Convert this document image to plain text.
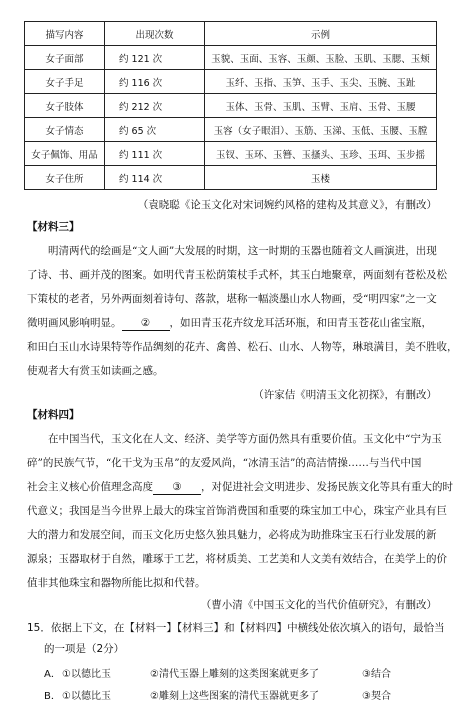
描写内容	出现次数	示例
女子面部	约 121 次	玉貌、玉面、玉容、玉颜、玉脸、玉肌、玉腮、玉颊
女子手足	约 116 次	玉纤、玉指、玉笋、玉手、玉尖、玉腕、玉趾
女子肢体	约 212 次	玉体、玉骨、玉肌、玉臂、玉肩、玉骨、玉腰
女子情态	约 65 次	玉容（女子眼泪）、玉筋、玉涕、玉低、玉腰、玉膛
女子佩饰、用品	约 111 次	玉钗、玉环、玉簪、玉搔头、玉珍、玉珥、玉步摇
女子住所	约 114 次	玉楼
（袁晓聪《论玉文化对宋词婉约风格的建构及其意义》，有删改）
【材料三】
明清两代的绘画是“文人画”大发展的时期，这一时期的玉器也随着文人画演进，出现
了诗、书、画并茂的图案。如明代青玉松荫策杖手式杯，其玉白地聚章，两面刻有苍松及松
下策杖的老者，另外两面刻着诗句、落款，堪称一幅淡墨山水人物画，受“明四家”之一文
徵明画风影响明显。 ② ，如田青玉花卉纹龙耳活环瓶，和田青玉苍花山雀宝瓶，
和田白玉山水诗果特等作品绸刻的花卉、禽兽、松石、山水、人物等，琳琅满目，美不胜收，
使观者大有赏玉如读画之感。
（许家佶《明清玉文化初探》，有删改）
【材料四】
在中国当代，玉文化在人文、经济、美学等方面仍然具有重要价值。玉文化中“宁为玉
碎”的民族气节，“化干戈为玉帛”的友爱风尚，“冰清玉洁”的高洁情操……与当代中国
社会主义核心价值理念高度 ③ ，对促进社会文明进步、发扬民族文化等具有重大的时
代意义；我国是当今世界上最大的珠宝首饰消费国和重要的珠宝加工中心，珠宝产业具有巨
大的潜力和发展空间，而玉文化历史悠久独具魅力，必将成为助推珠宝玉石行业发展的新
源泉；玉器取材于自然，雕琢于工艺，将材质美、工艺美和人文美有效结合，在美学上的价
值非其他珠宝和器物所能比拟和代替。
（曹小清《中国玉文化的当代价值研究》，有删改）
15．依据上下文，在【材料一】【材料三】和【材料四】中横线处依次填入的语句，最恰当
的一项是（2分）
A． ①以德比玉	②清代玉器上雕刻的这类图案就更多了	③结合
B． ①以德比玉	②雕刻上这些图案的清代玉器就更多了	③契合
